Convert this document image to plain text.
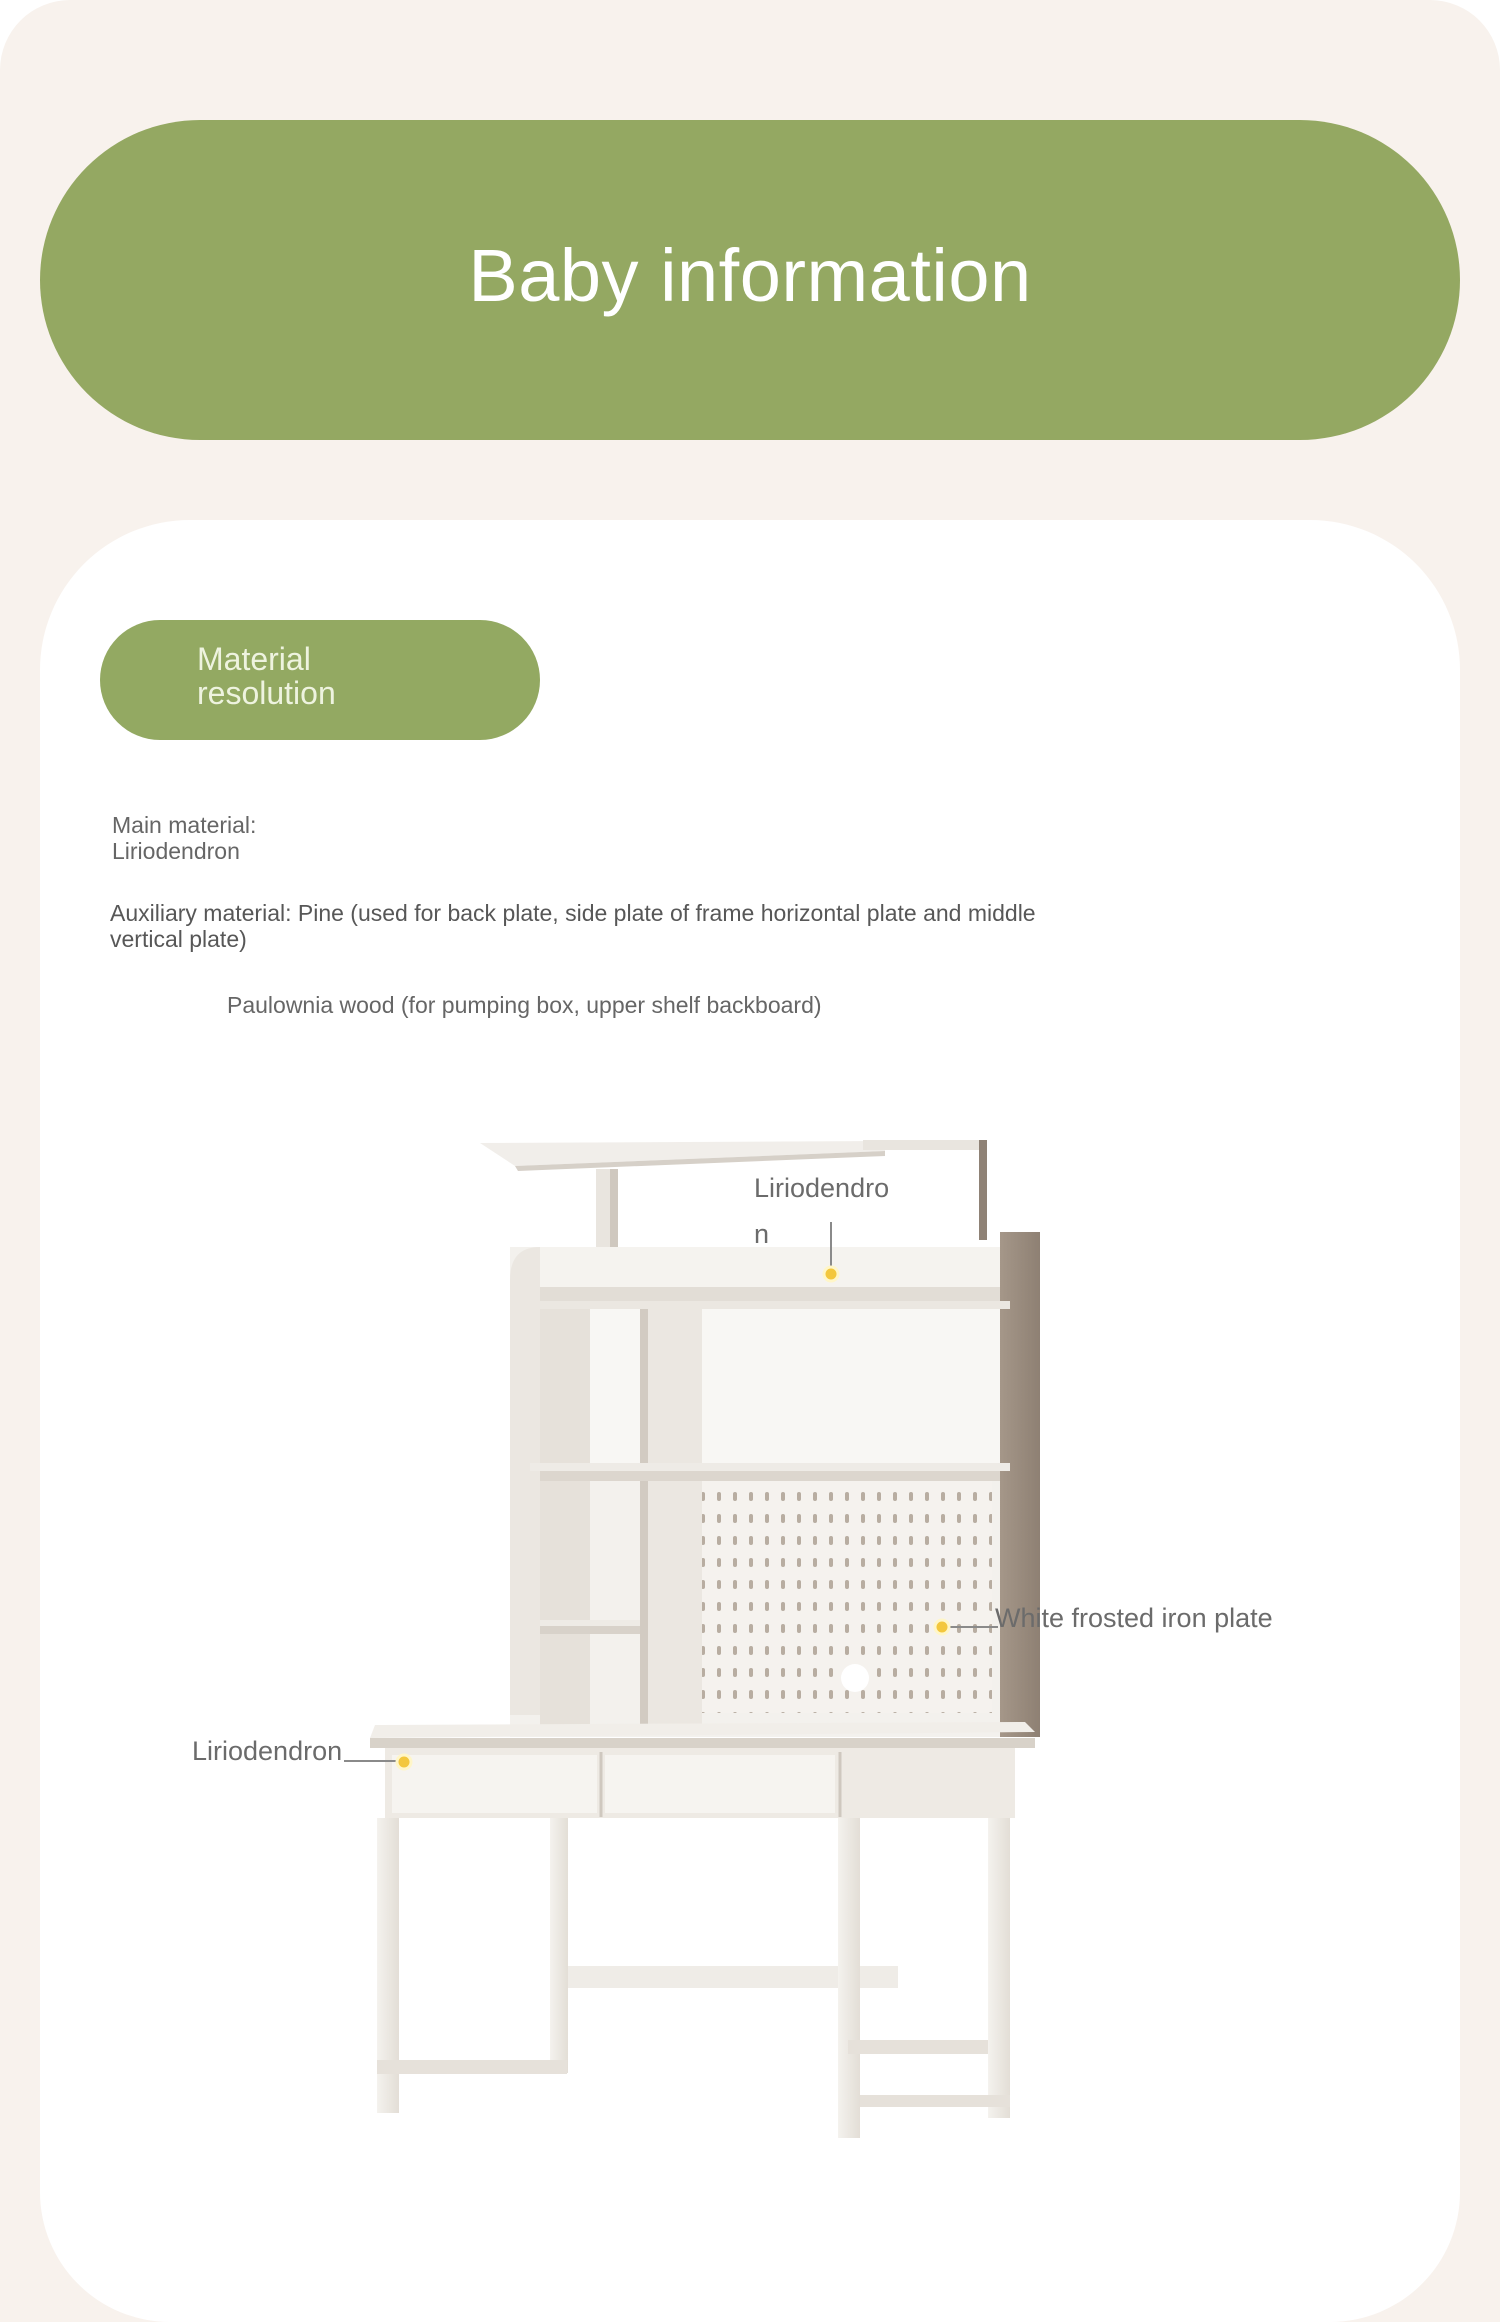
Baby information
Material resolution
Main material: Liriodendron
Auxiliary material: Pine (used for back plate, side plate of frame horizontal plate and middle vertical plate)
Paulownia wood (for pumping box, upper shelf backboard)
Liriodendron
White frosted iron plate
Liriodendron
